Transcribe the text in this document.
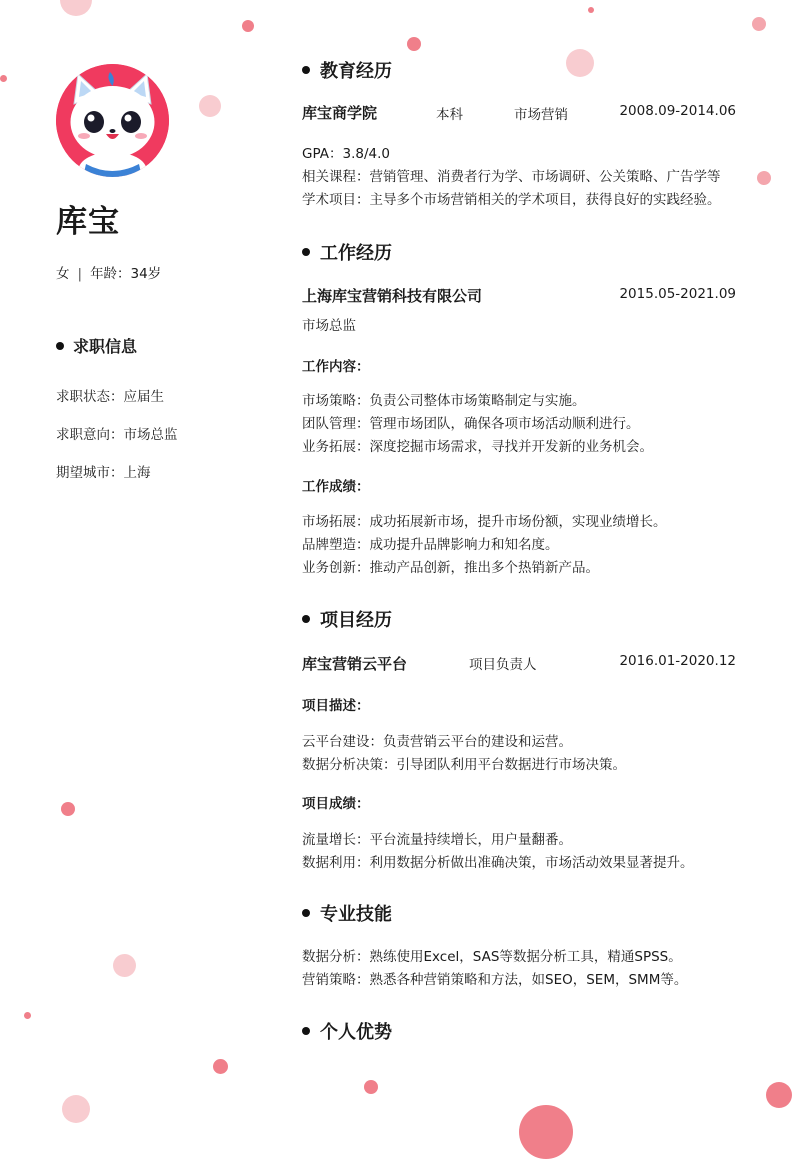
库宝
女 | 年龄：34岁
求职信息
求职状态：应届生
求职意向：市场总监
期望城市：上海
教育经历
库宝商学院	本科	市场营销	2008.09-2014.06
GPA：3.8/4.0
相关课程：营销管理、消费者行为学、市场调研、公关策略、广告学等
学术项目：主导多个市场营销相关的学术项目，获得良好的实践经验。
工作经历
上海库宝营销科技有限公司	2015.05-2021.09
市场总监
工作内容：
市场策略：负责公司整体市场策略制定与实施。
团队管理：管理市场团队，确保各项市场活动顺利进行。
业务拓展：深度挖掘市场需求，寻找并开发新的业务机会。
工作成绩：
市场拓展：成功拓展新市场，提升市场份额，实现业绩增长。
品牌塑造：成功提升品牌影响力和知名度。
业务创新：推动产品创新，推出多个热销新产品。
项目经历
库宝营销云平台	项目负责人	2016.01-2020.12
项目描述：
云平台建设：负责营销云平台的建设和运营。
数据分析决策：引导团队利用平台数据进行市场决策。
项目成绩：
流量增长：平台流量持续增长，用户量翻番。
数据利用：利用数据分析做出准确决策，市场活动效果显著提升。
专业技能
数据分析：熟练使用Excel，SAS等数据分析工具，精通SPSS。
营销策略：熟悉各种营销策略和方法，如SEO，SEM，SMM等。
个人优势
